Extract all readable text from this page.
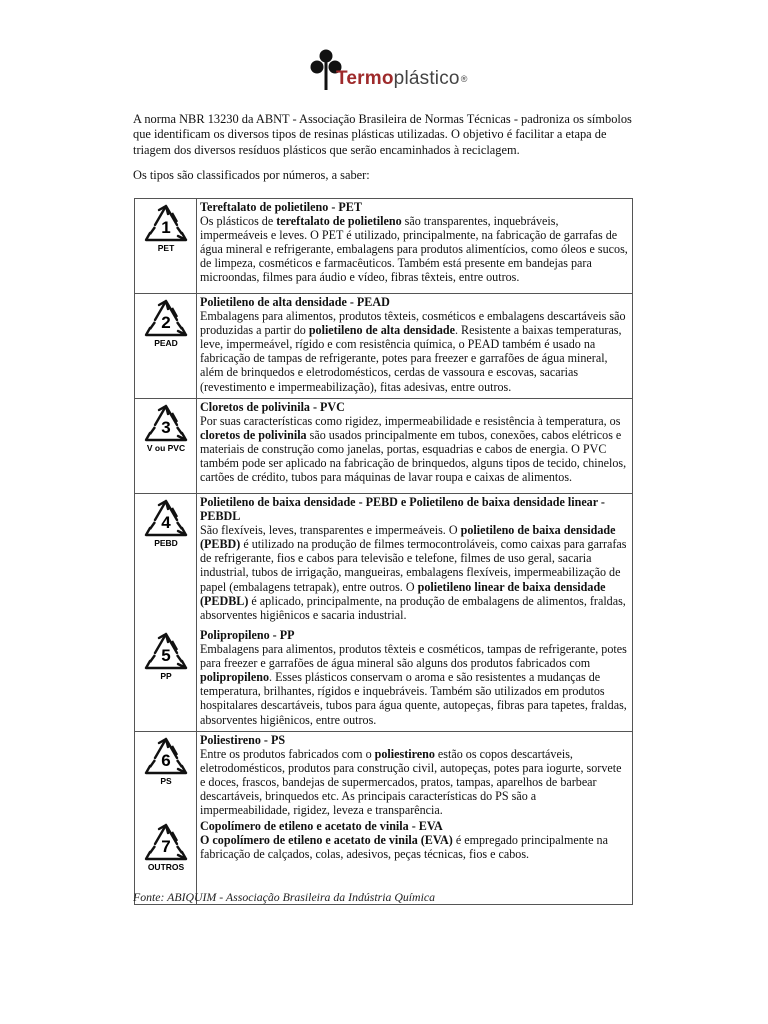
Termoplástico®

A norma NBR 13230 da ABNT - Associação Brasileira de Normas Técnicas - padroniza os símbolos que identificam os diversos tipos de resinas plásticas utilizadas. O objetivo é facilitar a etapa de triagem dos diversos resíduos plásticos que serão encaminhados à reciclagem.

Os tipos são classificados por números, a saber:

1
PET

Tereftalato de polietileno - PET

Os plásticos de tereftalato de polietileno são transparentes, inquebráveis, impermeáveis e leves. O PET é utilizado, principalmente, na fabricação de garrafas de água mineral e refrigerante, embalagens para produtos alimentícios, como óleos e sucos, de limpeza, cosméticos e farmacêuticos. Também está presente em bandejas para microondas, filmes para áudio e vídeo, fibras têxteis, entre outros.

2
PEAD

Polietileno de alta densidade - PEAD

Embalagens para alimentos, produtos têxteis, cosméticos e embalagens descartáveis são produzidas a partir do polietileno de alta densidade. Resistente a baixas temperaturas, leve, impermeável, rígido e com resistência química, o PEAD também é usado na fabricação de tampas de refrigerante, potes para freezer e garrafões de água mineral, além de brinquedos e eletrodomésticos, cerdas de vassoura e escovas, sacarias (revestimento e impermeabilização), fitas adesivas, entre outros.

3
V ou PVC

Cloretos de polivinila - PVC

Por suas características como rigidez, impermeabilidade e resistência à temperatura, os cloretos de polivinila são usados principalmente em tubos, conexões, cabos elétricos e materiais de construção como janelas, portas, esquadrias e cabos de energia. O PVC também pode ser aplicado na fabricação de brinquedos, alguns tipos de tecido, chinelos, cartões de crédito, tubos para máquinas de lavar roupa e caixas de alimentos.

4
PEBD

Polietileno de baixa densidade - PEBD e Polietileno de baixa densidade linear - PEBDL

São flexíveis, leves, transparentes e impermeáveis. O polietileno de baixa densidade (PEBD) é utilizado na produção de filmes termocontroláveis, como caixas para garrafas de refrigerante, fios e cabos para televisão e telefone, filmes de uso geral, sacaria industrial, tubos de irrigação, mangueiras, embalagens flexíveis, impermeabilização de papel (embalagens tetrapak), entre outros. O polietileno linear de baixa densidade (PEDBL) é aplicado, principalmente, na produção de embalagens de alimentos, fraldas, absorventes higiênicos e sacaria industrial.

5
PP

Polipropileno - PP

Embalagens para alimentos, produtos têxteis e cosméticos, tampas de refrigerante, potes para freezer e garrafões de água mineral são alguns dos produtos fabricados com polipropileno. Esses plásticos conservam o aroma e são resistentes a mudanças de temperatura, brilhantes, rígidos e inquebráveis. Também são utilizados em produtos hospitalares descartáveis, tubos para água quente, autopeças, fibras para tapetes, fraldas, absorventes higiênicos, entre outros.

6
PS

Poliestireno - PS

Entre os produtos fabricados com o poliestireno estão os copos descartáveis, eletrodomésticos, produtos para construção civil, autopeças, potes para iogurte, sorvete e doces, frascos, bandejas de supermercados, pratos, tampas, aparelhos de barbear descartáveis, brinquedos etc. As principais características do PS são a impermeabilidade, rigidez, leveza e transparência.

7
OUTROS

Copolímero de etileno e acetato de vinila - EVA

O copolímero de etileno e acetato de vinila (EVA) é empregado principalmente na fabricação de calçados, colas, adesivos, peças técnicas, fios e cabos.

Fonte: ABIQUIM - Associação Brasileira da Indústria Química
